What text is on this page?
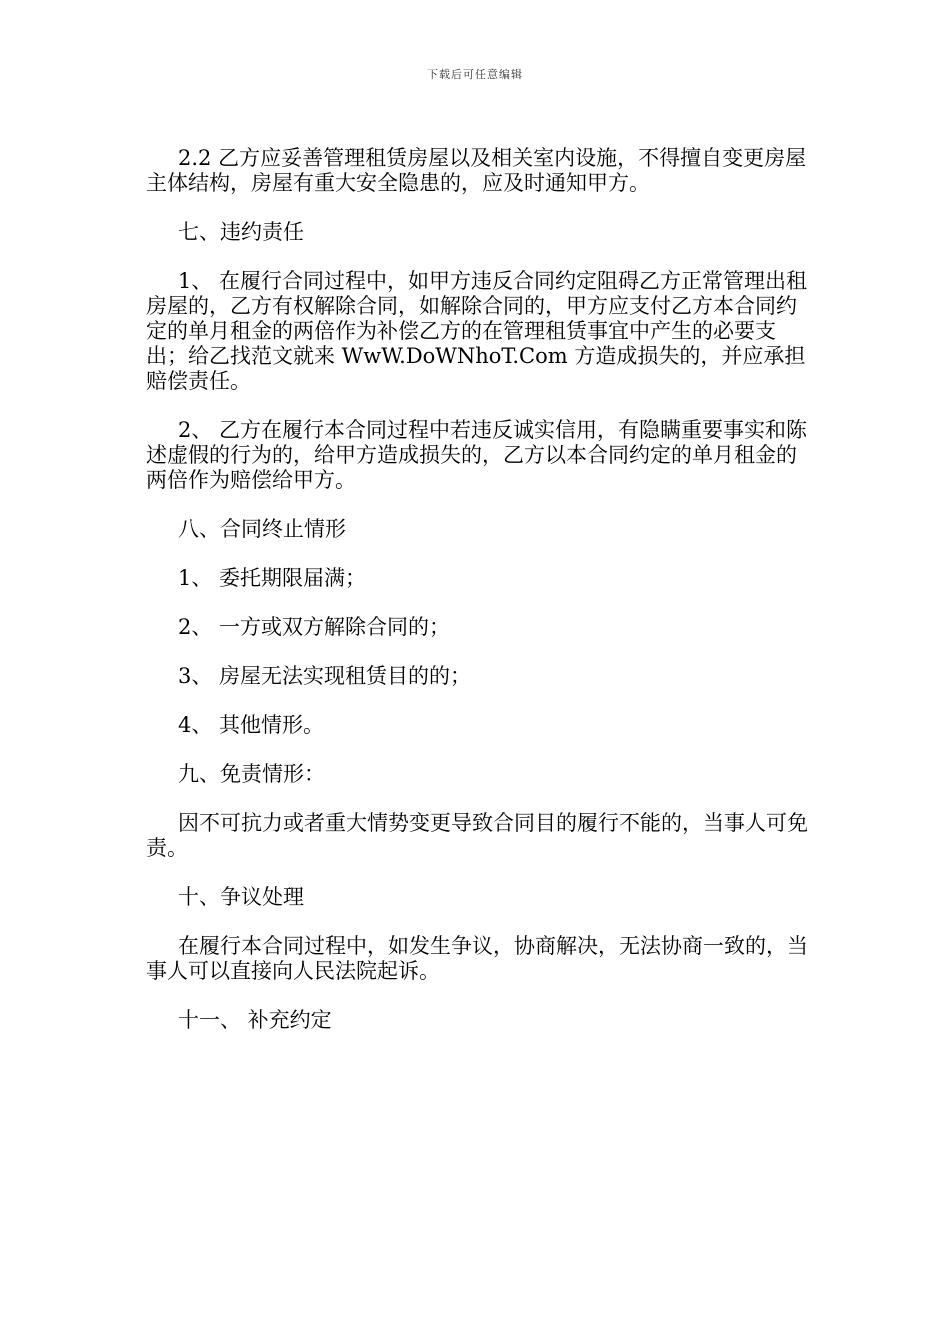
下载后可任意编辑

2.2 乙方应妥善管理租赁房屋以及相关室内设施，不得擅自变更房屋主体结构，房屋有重大安全隐患的，应及时通知甲方。

七、违约责任

1、 在履行合同过程中，如甲方违反合同约定阻碍乙方正常管理出租房屋的，乙方有权解除合同，如解除合同的，甲方应支付乙方本合同约定的单月租金的两倍作为补偿乙方的在管理租赁事宜中产生的必要支出；给乙找范文就来 WwW.DoWNhoT.Com 方造成损失的，并应承担赔偿责任。

2、 乙方在履行本合同过程中若违反诚实信用，有隐瞒重要事实和陈述虚假的行为的，给甲方造成损失的，乙方以本合同约定的单月租金的两倍作为赔偿给甲方。

八、合同终止情形

1、 委托期限届满；

2、 一方或双方解除合同的；

3、 房屋无法实现租赁目的的；

4、 其他情形。

九、免责情形：

因不可抗力或者重大情势变更导致合同目的履行不能的，当事人可免责。

十、争议处理

在履行本合同过程中，如发生争议，协商解决，无法协商一致的，当事人可以直接向人民法院起诉。

十一、 补充约定
